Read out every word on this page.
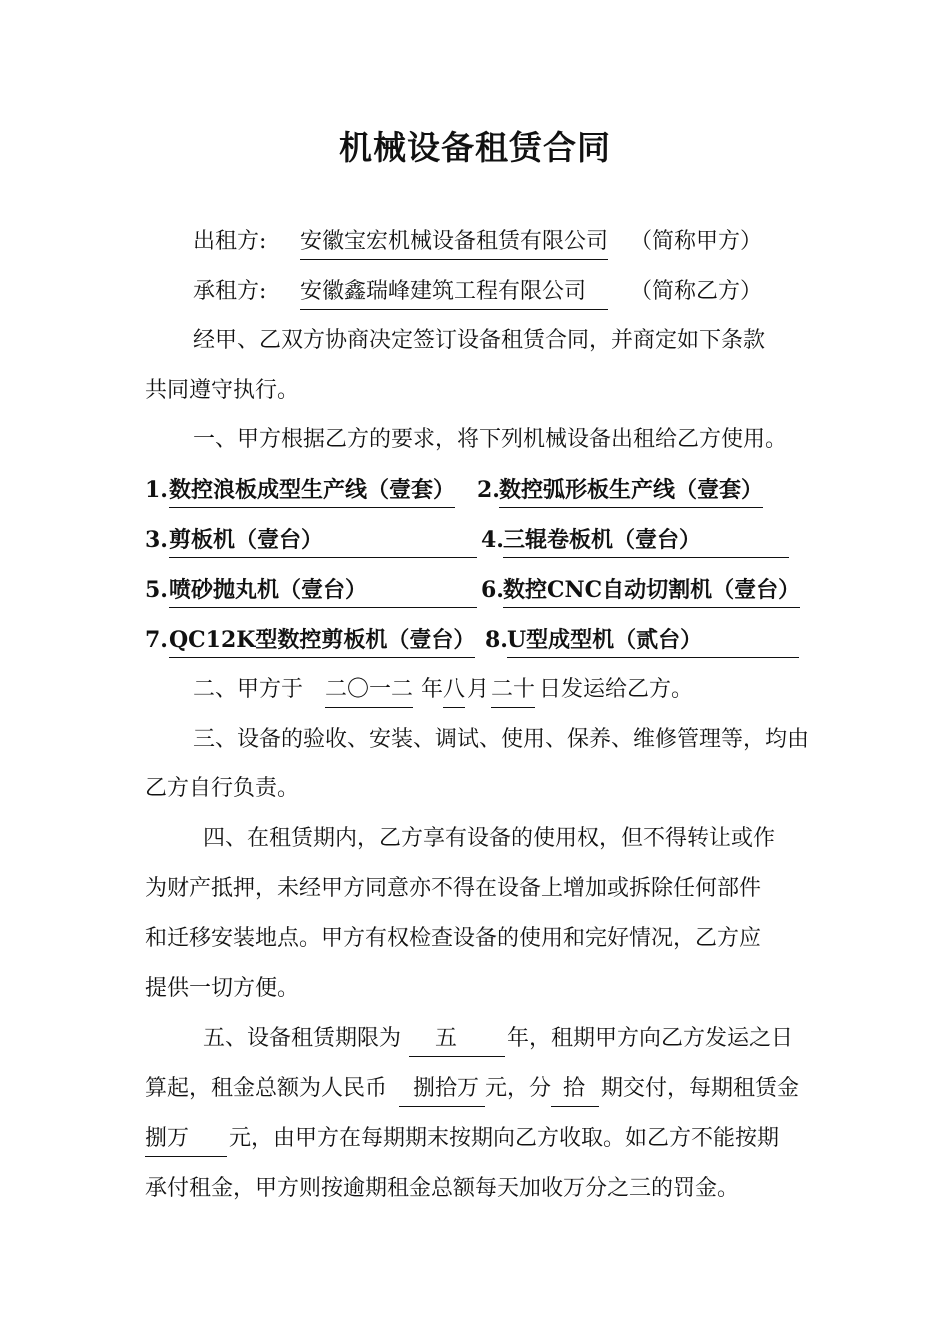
机械设备租赁合同
出租方: 安徽宝宏机械设备租赁有限公司 （简称甲方）
承租方: 安徽鑫瑞峰建筑工程有限公司	（简称乙方）
经甲、乙双方协商决定签订设备租赁合同，并商定如下条款
共同遵守执行。
一、甲方根据乙方的要求，将下列机械设备出租给乙方使用。
1. 数控浪板成型生产线（壹套） 2. 数控弧形板生产线（壹套）
3. 剪板机（壹台）	4. 三辊卷板机（壹台）
5. 喷砂抛丸机（壹台）	6. 数控CNC自动切割机（壹台）
7. QC12K型数控剪板机（壹台） 8. U型成型机（贰台）
二、甲方于 二〇一二 年 八 月 二十 日发运给乙方。
三、设备的验收、安装、调试、使用、保养、维修管理等，均由
乙方自行负责。
四、在租赁期内，乙方享有设备的使用权，但不得转让或作
为财产抵押，未经甲方同意亦不得在设备上增加或拆除任何部件
和迁移安装地点。甲方有权检查设备的使用和完好情况，乙方应
提供一切方便。
五、设备租赁期限为	五	年，租期甲方向乙方发运之日
算起，租金总额为人民币	捌拾万 元，分 拾 期交付，每期租赁金
捌万	元，由甲方在每期期末按期向乙方收取。如乙方不能按期
承付租金，甲方则按逾期租金总额每天加收万分之三的罚金。
